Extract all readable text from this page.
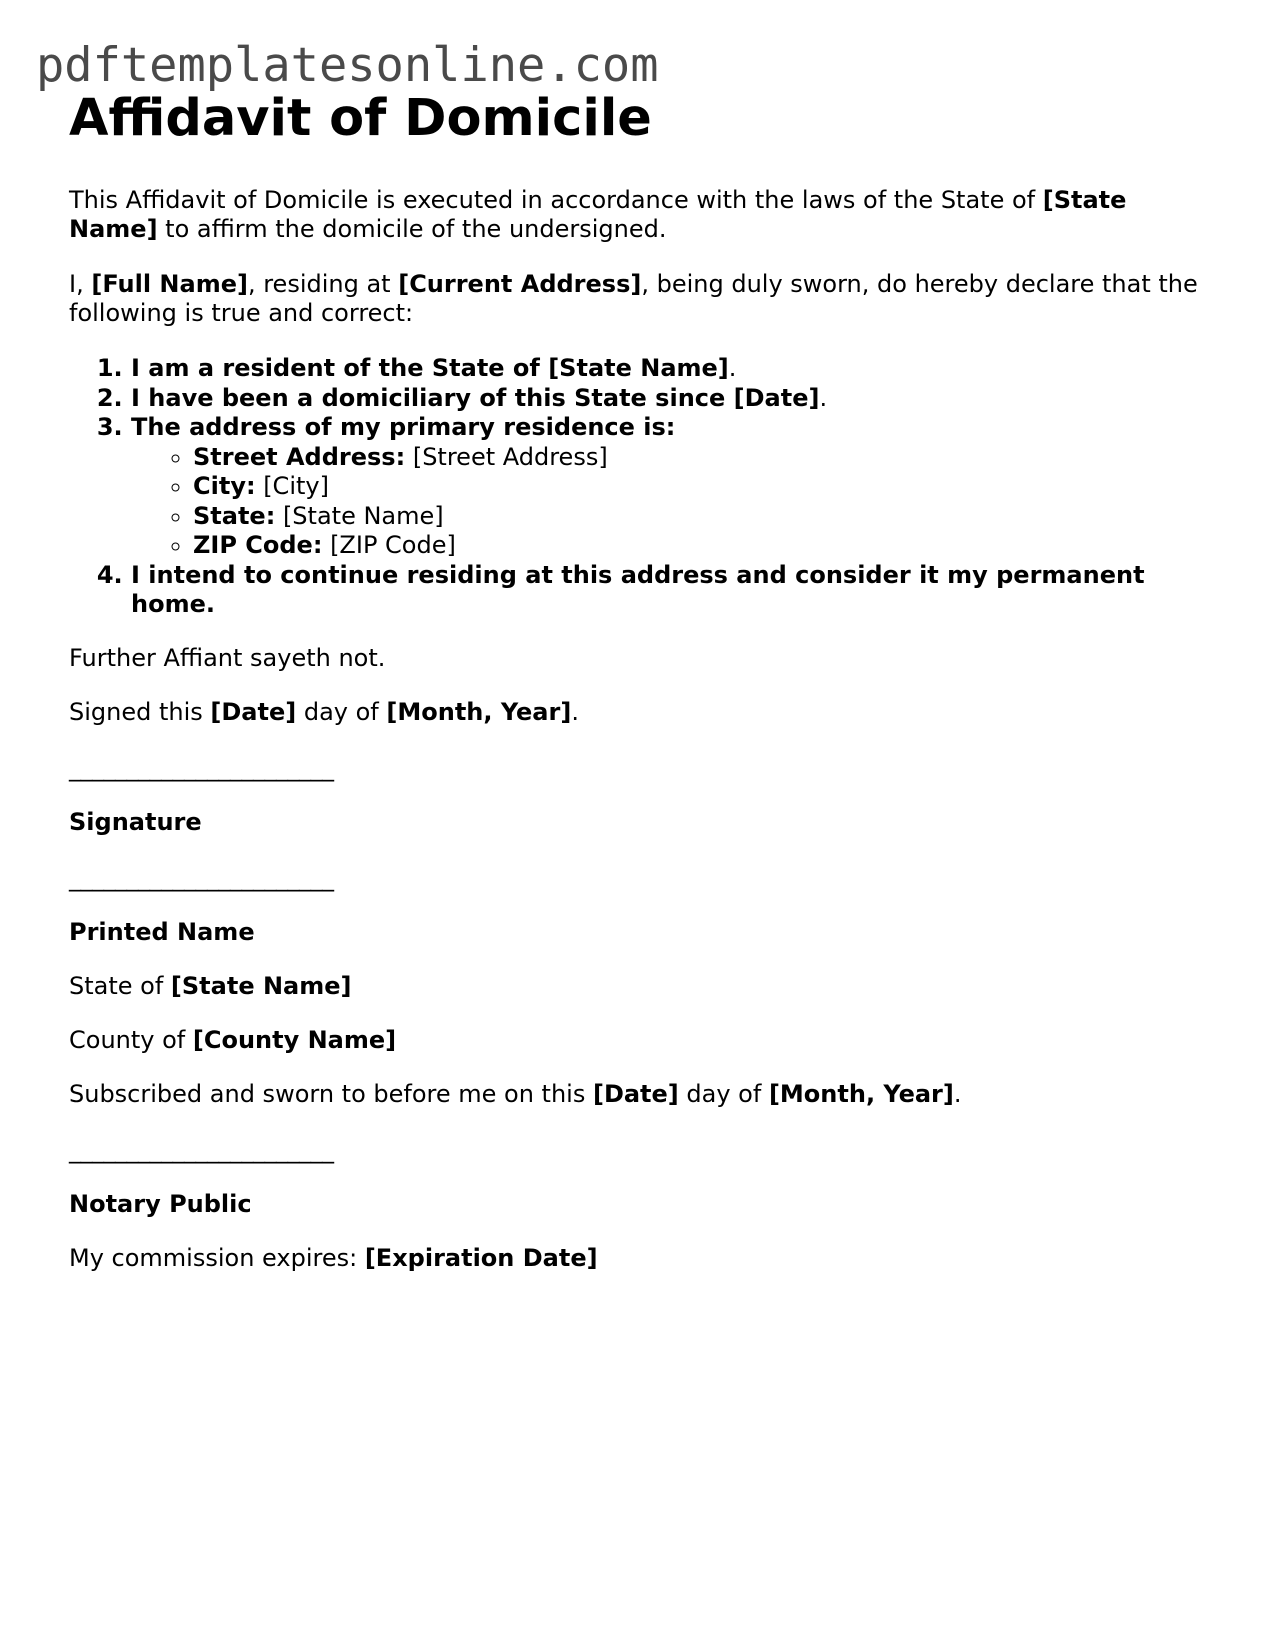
pdftemplatesonline.com
Affidavit of Domicile

This Affidavit of Domicile is executed in accordance with the laws of the State of [State Name] to affirm the domicile of the undersigned.

I, [Full Name], residing at [Current Address], being duly sworn, do hereby declare that the following is true and correct:

1. I am a resident of the State of [State Name].
2. I have been a domiciliary of this State since [Date].
3. The address of my primary residence is:
◦ Street Address: [Street Address]
◦ City: [City]
◦ State: [State Name]
◦ ZIP Code: [ZIP Code]
4. I intend to continue residing at this address and consider it my permanent home.

Further Affiant sayeth not.

Signed this [Date] day of [Month, Year].

_______________________
Signature
_______________________
Printed Name

State of [State Name]

County of [County Name]

Subscribed and sworn to before me on this [Date] day of [Month, Year].

_______________________
Notary Public

My commission expires: [Expiration Date]
